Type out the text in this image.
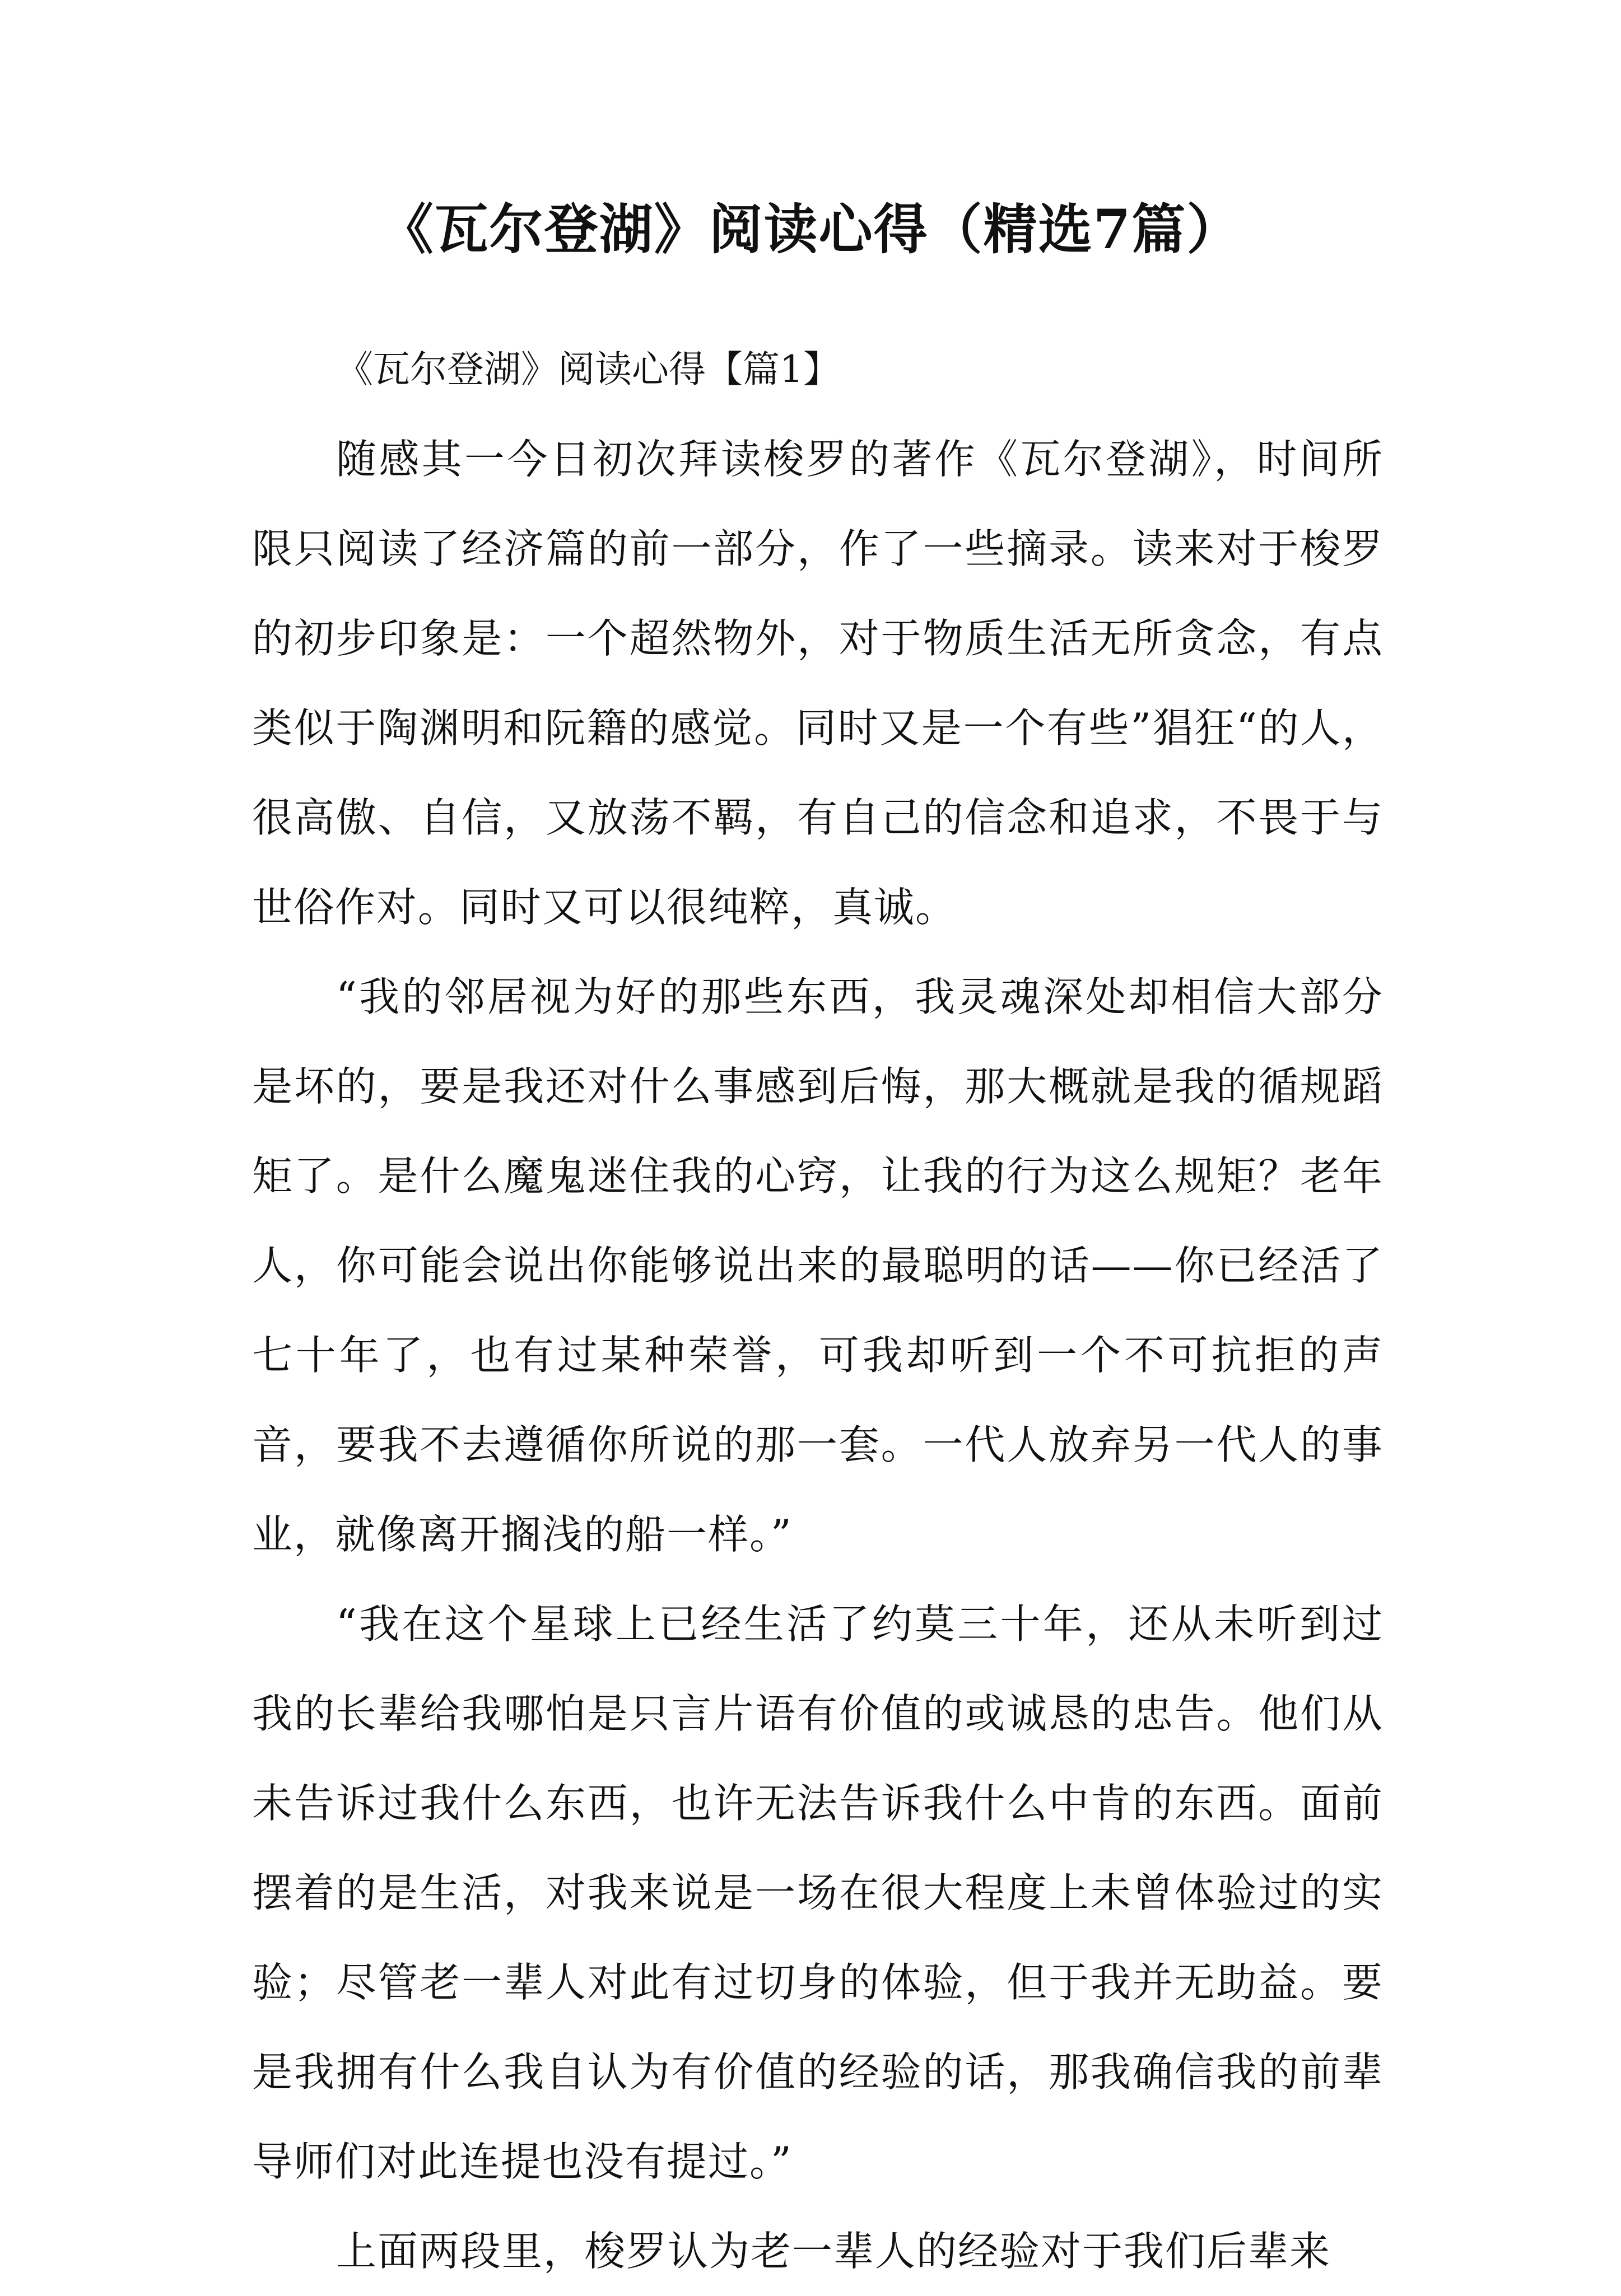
《瓦尔登湖》阅读心得（精选7篇）
《瓦尔登湖》阅读心得【篇1】

随感其一今日初次拜读梭罗的著作《瓦尔登湖》，时间所限只阅读了经济篇的前一部分，作了一些摘录。读来对于梭罗的初步印象是：一个超然物外，对于物质生活无所贪念，有点类似于陶渊明和阮籍的感觉。同时又是一个有些”猖狂“的人，很高傲、自信，又放荡不羁，有自己的信念和追求，不畏于与世俗作对。同时又可以很纯粹，真诚。

“我的邻居视为好的那些东西，我灵魂深处却相信大部分是坏的，要是我还对什么事感到后悔，那大概就是我的循规蹈矩了。是什么魔鬼迷住我的心窍，让我的行为这么规矩？老年人，你可能会说出你能够说出来的最聪明的话——你已经活了七十年了，也有过某种荣誉，可我却听到一个不可抗拒的声音，要我不去遵循你所说的那一套。一代人放弃另一代人的事业，就像离开搁浅的船一样。”

“我在这个星球上已经生活了约莫三十年，还从未听到过我的长辈给我哪怕是只言片语有价值的或诚恳的忠告。他们从未告诉过我什么东西，也许无法告诉我什么中肯的东西。面前摆着的是生活，对我来说是一场在很大程度上未曾体验过的实验；尽管老一辈人对此有过切身的体验，但于我并无助益。要是我拥有什么我自认为有价值的经验的话，那我确信我的前辈导师们对此连提也没有提过。”

上面两段里，梭罗认为老一辈人的经验对于我们后辈来
